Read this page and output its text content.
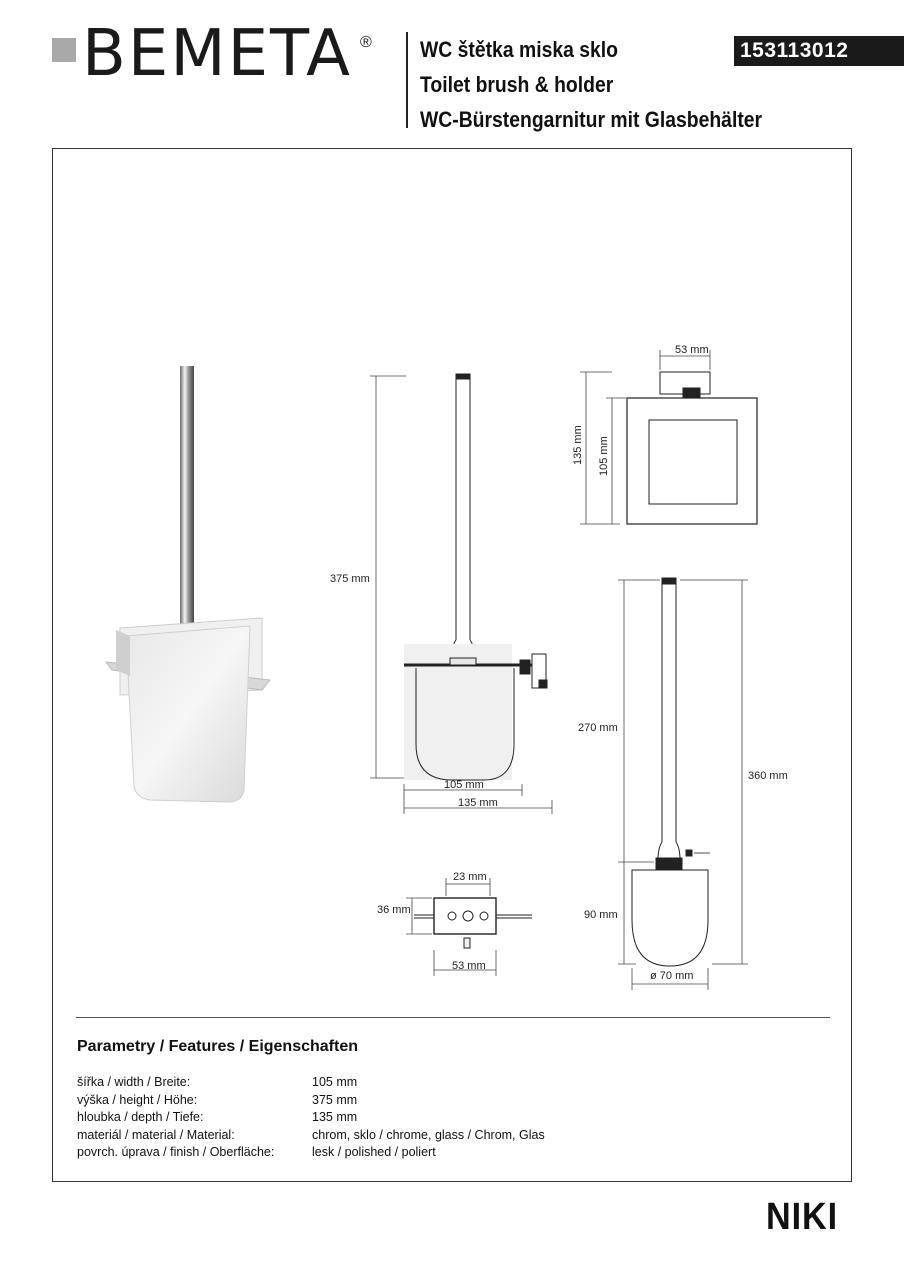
BEMETA ® WC štětka miska sklo
Toilet brush & holder
WC-Bürstengarnitur mit Glasbehälter
153113012
375 mm
105 mm
135 mm
53 mm
135 mm 105 mm
270 mm
360 mm
90 mm
ø 70 mm
23 mm
36 mm
53 mm
Parametry / Features / Eigenschaften
šířka / width / Breite:	105 mm
výška / height / Höhe:	375 mm
hloubka / depth / Tiefe:	135 mm
materiál / material / Material:	chrom, sklo / chrome, glass / Chrom, Glas
povrch. úprava / finish / Oberfläche:	lesk / polished / poliert
NIKI
